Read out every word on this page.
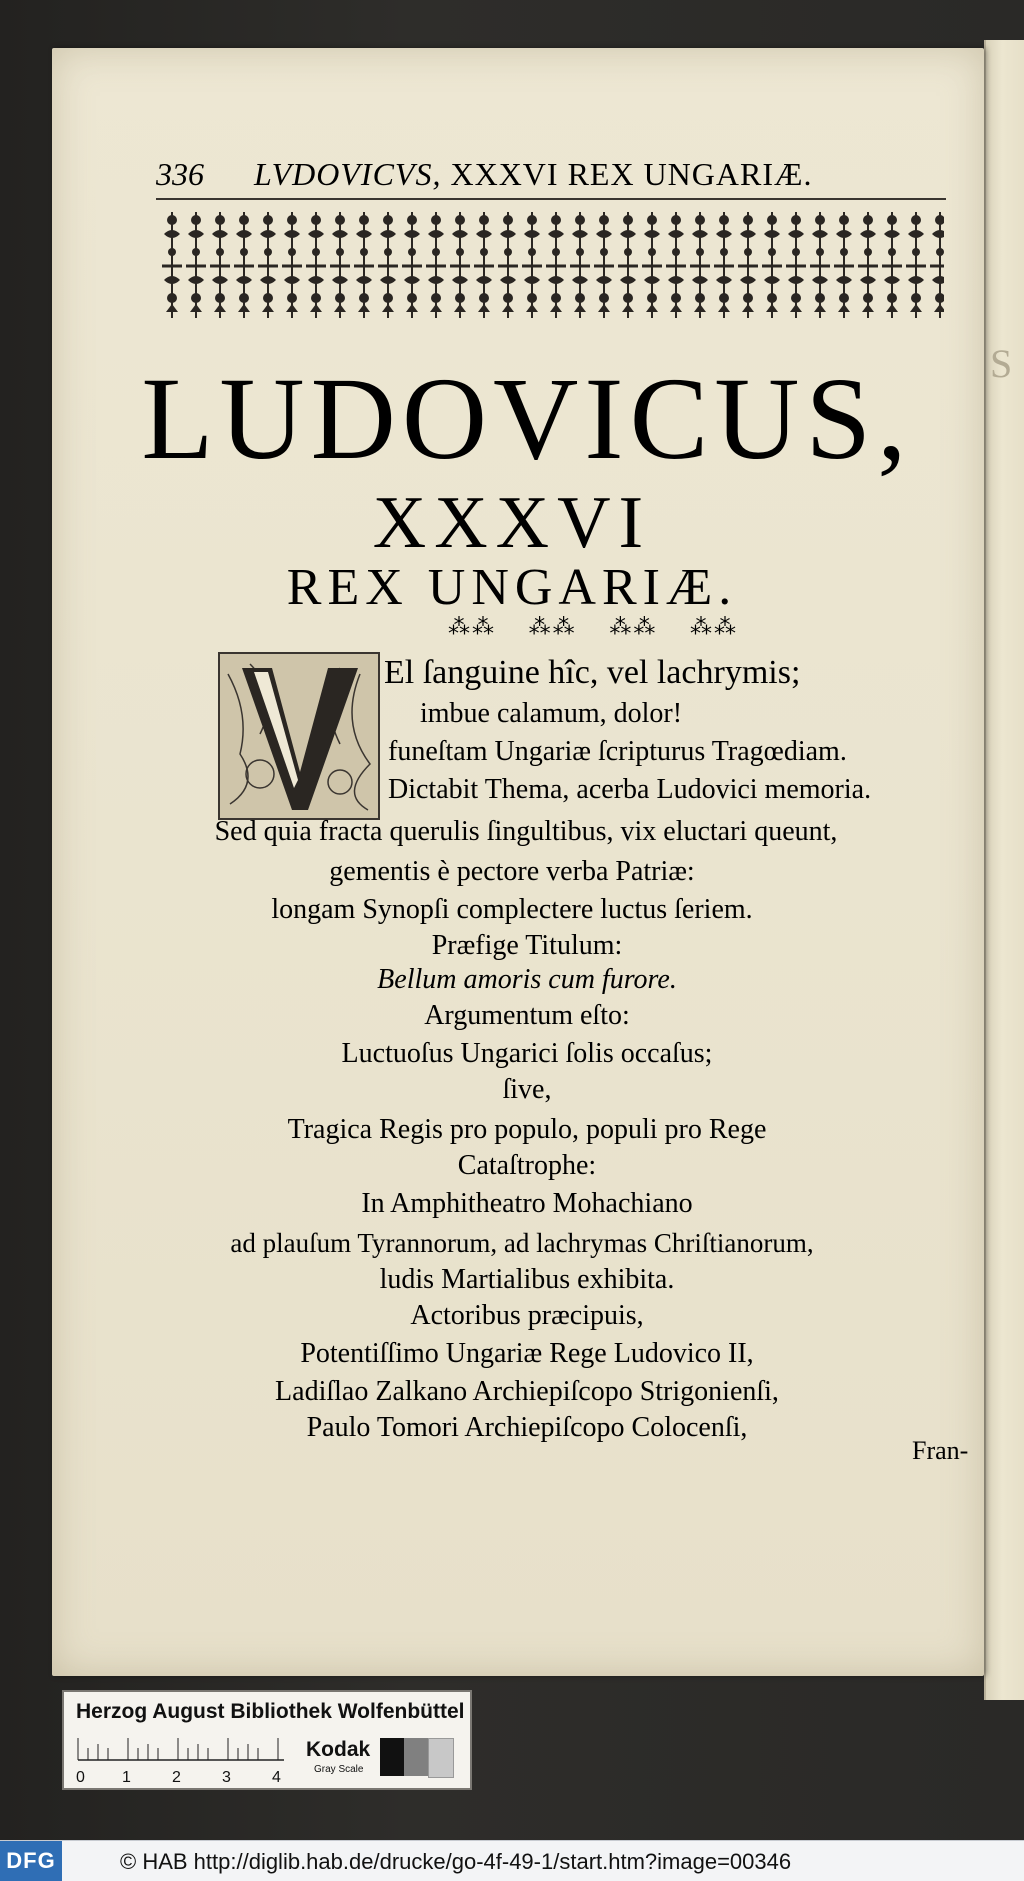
S
336 LVDOVICVS, XXXVI REX UNGARIÆ.
LUDOVICUS,
XXXVI
REX UNGARIÆ.
⁂⁂ ⁂⁂ ⁂⁂ ⁂⁂
El ſanguine hîc, vel lachrymis;
imbue calamum, dolor!
funeſtam Ungariæ ſcripturus Tragœdiam.
Dictabit Thema, acerba Ludovici memoria.
Sed quia fracta querulis ſingultibus, vix eluctari queunt,
gementis è pectore verba Patriæ:
longam Synopſi complectere luctus ſeriem.
Præfige Titulum:
Bellum amoris cum furore.
Argumentum eſto:
Luctuoſus Ungarici ſolis occaſus;
ſive,
Tragica Regis pro populo, populi pro Rege
Cataſtrophe:
In Amphitheatro Mohachiano
ad plauſum Tyrannorum, ad lachrymas Chriſtianorum,
ludis Martialibus exhibita.
Actoribus præcipuis,
Potentiſſimo Ungariæ Rege Ludovico II,
Ladiſlao Zalkano Archiepiſcopo Strigonienſi,
Paulo Tomori Archiepiſcopo Colocenſi,
Fran-
Herzog August Bibliothek Wolfenbüttel
0 1	2	3	4
Kodak
Gray Scale
DFG	© HAB http://diglib.hab.de/drucke/go-4f-49-1/start.htm?image=00346
